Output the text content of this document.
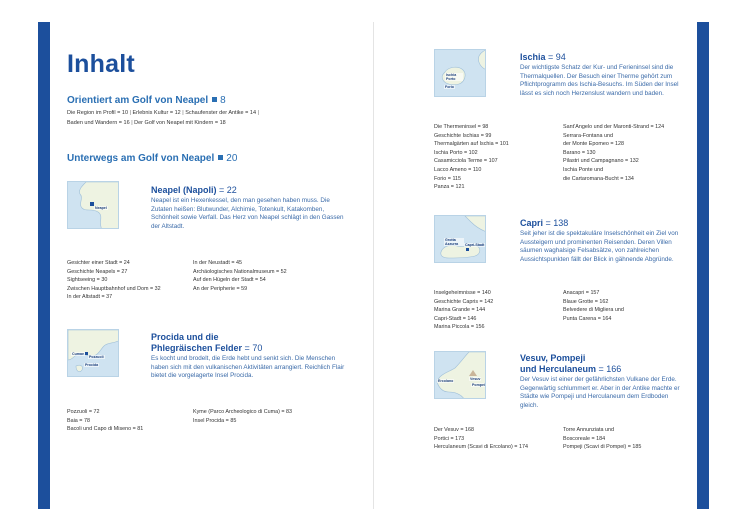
Inhalt
Orientiert am Golf von Neapel 8
Die Region im Profil = 10 | Erlebnis Kultur = 12 | Schaufenster der Antike = 14 |
Baden und Wandern = 16 | Der Golf von Neapel mit Kindern = 18
Unterwegs am Golf von Neapel 20
Neapel
Neapel (Napoli) = 22
Neapel ist ein Hexenkessel, den man gesehen haben muss. Die Zutaten heißen: Blutwunder, Alchimie, Totenkult, Katakomben, Schönheit sowie Verfall. Das Herz von Neapel schlägt in den Gassen der Altstadt.
Gesichter einer Stadt = 24
Geschichte Neapels = 27
Sightseeing = 30
Zwischen Hauptbahnhof und Dom = 32
In der Altstadt = 37
In der Neustadt = 45
Archäologisches Nationalmuseum = 52
Auf den Hügeln der Stadt = 54
An der Peripherie = 59
Cumae
Pozzuoli
Procida
Procida und die
Phlegräischen Felder = 70
Es kocht und brodelt, die Erde hebt und senkt sich. Die Menschen haben sich mit den vulkanischen Aktivitäten arrangiert. Reichlich Flair bietet die vorgelagerte Insel Procida.
Pozzuoli = 72
Baia = 78
Bacoli und Capo di Miseno = 81
Kyme (Parco Archeologico di Cuma) = 83
Insel Procida = 85
Ischia Porto
Forio
Ischia = 94
Der wichtigste Schatz der Kur- und Ferieninsel sind die Thermalquellen. Der Besuch einer Therme gehört zum Pflichtprogramm des Ischia-Besuchs. Im Süden der Insel lässt es sich noch Herzenslust wandern und baden.
Die Thermeninsel = 98
Geschichte Ischias = 99
Thermalgärten auf Ischia = 101
Ischia Porto = 102
Casamicciola Terme = 107
Lacco Ameno = 110
Forio = 115
Panza = 121
Sant’Angelo und der Maronti-Strand = 124
Serrara-Fontana und
der Monte Epomeo = 128
Barano = 130
Pilastri und Campagnano = 132
Ischia Ponte und
die Cartaromana-Bucht = 134
Grotta Azzurra	Capri-Stadt
Capri = 138
Seit jeher ist die spektakuläre Inselschönheit ein Ziel von Aussteigern und prominenten Reisenden. Deren Villen säumen waghalsige Felsabsätze, von zahlreichen Aussichtspunkten fällt der Blick in gähnende Abgründe.
Inselgeheimnisse = 140
Geschichte Capris = 142
Marina Grande = 144
Capri-Stadt = 146
Marina Piccola = 156
Anacapri = 157
Blaue Grotte = 162
Belvedere di Migliera und
Punta Carena = 164
Ercolano	Vesuv
Pompei
Vesuv, Pompeji
und Herculaneum = 166
Der Vesuv ist einer der gefährlichsten Vulkane der Erde. Gegenwärtig schlummert er. Aber in der Antike machte er Städte wie Pompeji und Herculaneum dem Erdboden gleich.
Der Vesuv = 168
Portici = 173
Herculaneum (Scavi di Ercolano) = 174
Torre Annunziata und
Boscoreale = 184
Pompeji (Scavi di Pompei) = 185
